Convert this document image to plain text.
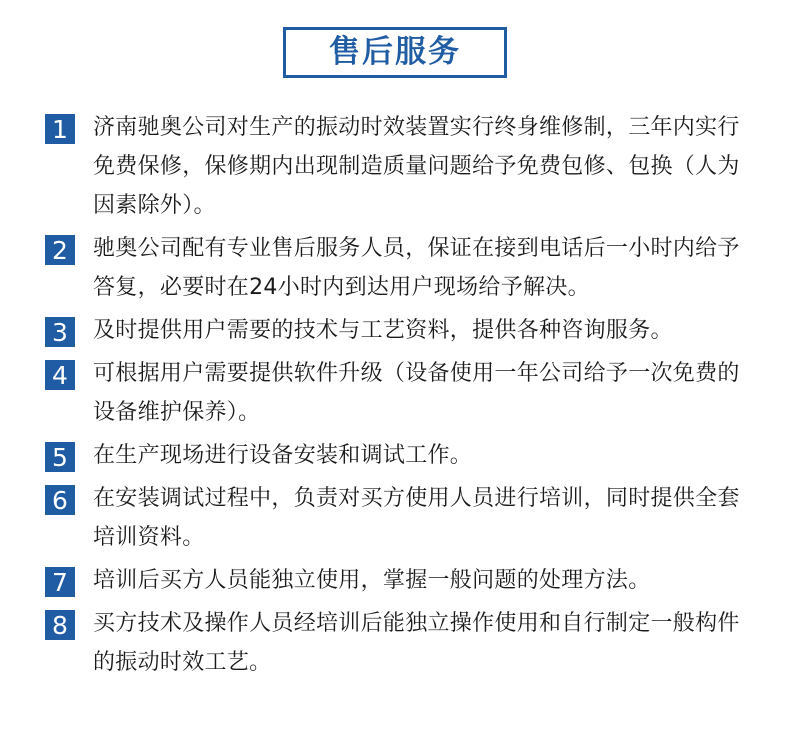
售后服务
1	济南驰奥公司对生产的振动时效装置实行终身维修制，三年内实行免费保修，保修期内出现制造质量问题给予免费包修、包换（人为因素除外）。
2	驰奥公司配有专业售后服务人员，保证在接到电话后一小时内给予答复，必要时在24小时内到达用户现场给予解决。
3	及时提供用户需要的技术与工艺资料，提供各种咨询服务。
4	可根据用户需要提供软件升级（设备使用一年公司给予一次免费的设备维护保养）。
5	在生产现场进行设备安装和调试工作。
6	在安装调试过程中，负责对买方使用人员进行培训，同时提供全套培训资料。
7	培训后买方人员能独立使用，掌握一般问题的处理方法。
8	买方技术及操作人员经培训后能独立操作使用和自行制定一般构件的振动时效工艺。
